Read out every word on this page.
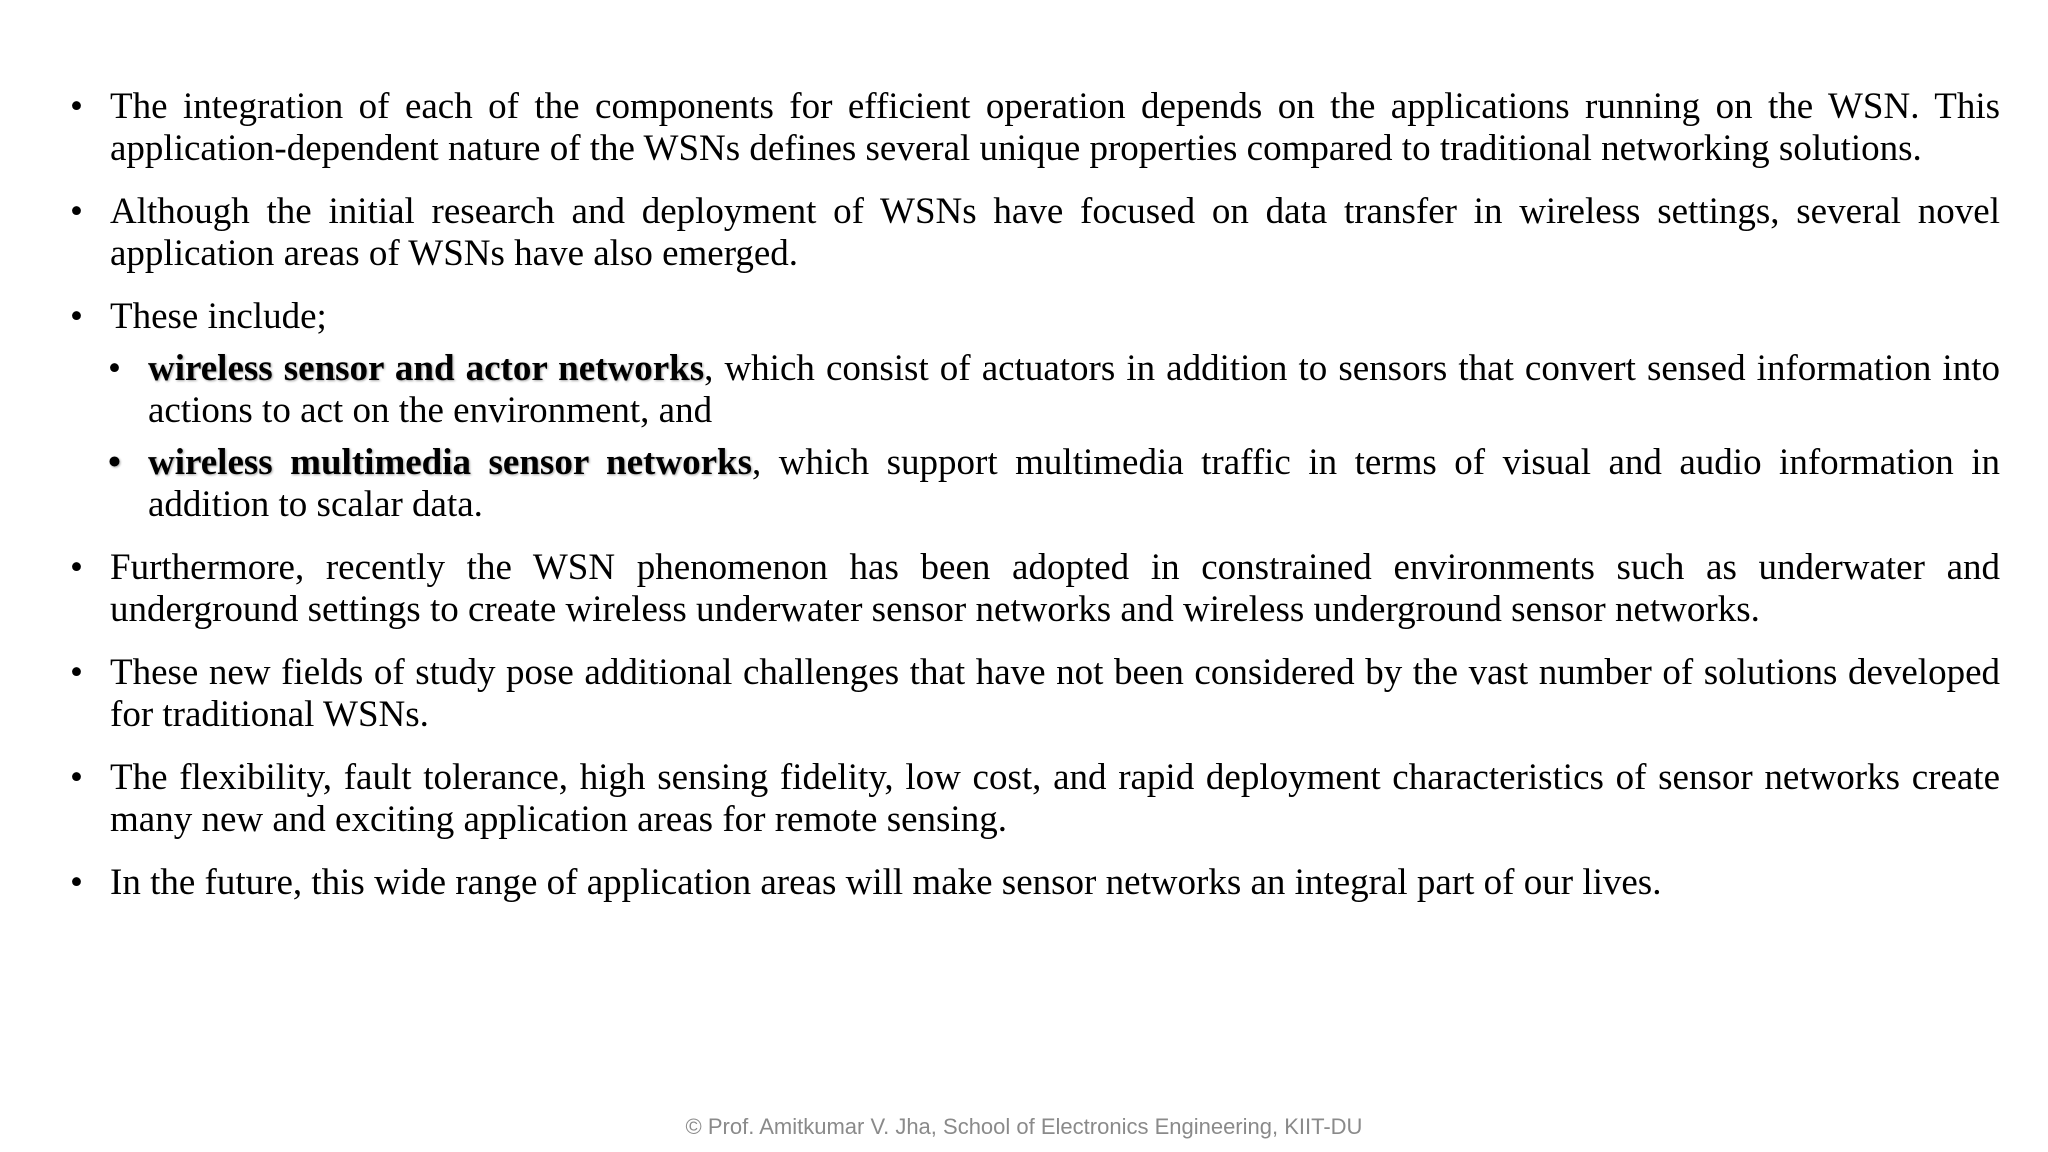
• The integration of each of the components for efficient operation depends on the applications running on the WSN. This application-dependent nature of the WSNs defines several unique properties compared to traditional networking solutions.
• Although the initial research and deployment of WSNs have focused on data transfer in wireless settings, several novel application areas of WSNs have also emerged.
• These include;
• wireless sensor and actor networks, which consist of actuators in addition to sensors that convert sensed information into actions to act on the environment, and
• wireless multimedia sensor networks, which support multimedia traffic in terms of visual and audio information in addition to scalar data.
• Furthermore, recently the WSN phenomenon has been adopted in constrained environments such as underwater and underground settings to create wireless underwater sensor networks and wireless underground sensor networks.
• These new fields of study pose additional challenges that have not been considered by the vast number of solutions developed for traditional WSNs.
• The flexibility, fault tolerance, high sensing fidelity, low cost, and rapid deployment characteristics of sensor networks create many new and exciting application areas for remote sensing.
• In the future, this wide range of application areas will make sensor networks an integral part of our lives.
© Prof. Amitkumar V. Jha, School of Electronics Engineering, KIIT-DU
